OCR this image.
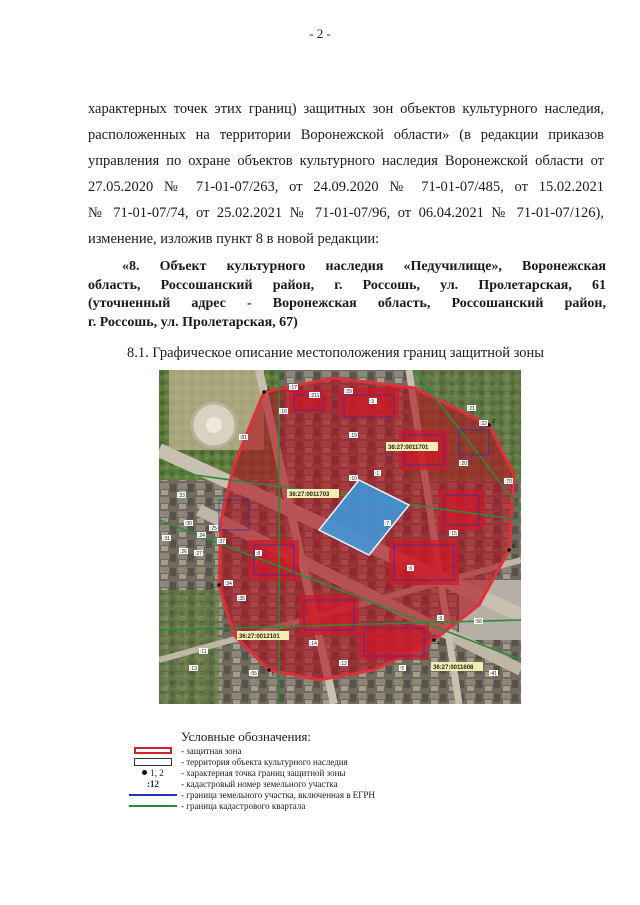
- 2 -
характерных точек этих границ) защитных зон объектов культурного наследия,
расположенных на территории Воронежской области» (в редакции приказов
управления по охране объектов культурного наследия Воронежской области от
27.05.2020 № 71-01-07/263, от 24.09.2020 № 71-01-07/485, от 15.02.2021
№ 71-01-07/74, от 25.02.2021 № 71-01-07/96, от 06.04.2021 № 71-01-07/126),
изменение, изложив пункт 8 в новой редакции:
«8. Объект культурного наследия «Педучилище», Воронежская
область, Россошанский район, г. Россошь, ул. Пролетарская, 61
(уточненный адрес - Воронежская область, Россошанский район,
г. Россошь, ул. Пролетарская, 67)
8.1. Графическое описание местоположения границ защитной зоны
1
2
3
4
5
6
36:27:0011701
36:27:0011703
36:27:0012101
36:27:0011608
:17
:211
:29
:3
:16
:81
:10
:1
:19
:33
:30
:31	:24
:25
:37
:26 :27
:34
:35
:8
:6
:22
:21
:15
:11
:12
:14
:13	:5
:9
:7
:70
:56
:20
:55	:41
Условные обозначения:
- защитная зона
- территория объекта культурного наследия
1, 2 - характерная точка границ защитной зоны
:12 - кадастровый номер земельного участка
- граница земельного участка, включенная в ЕГРН
- граница кадастрового квартала
